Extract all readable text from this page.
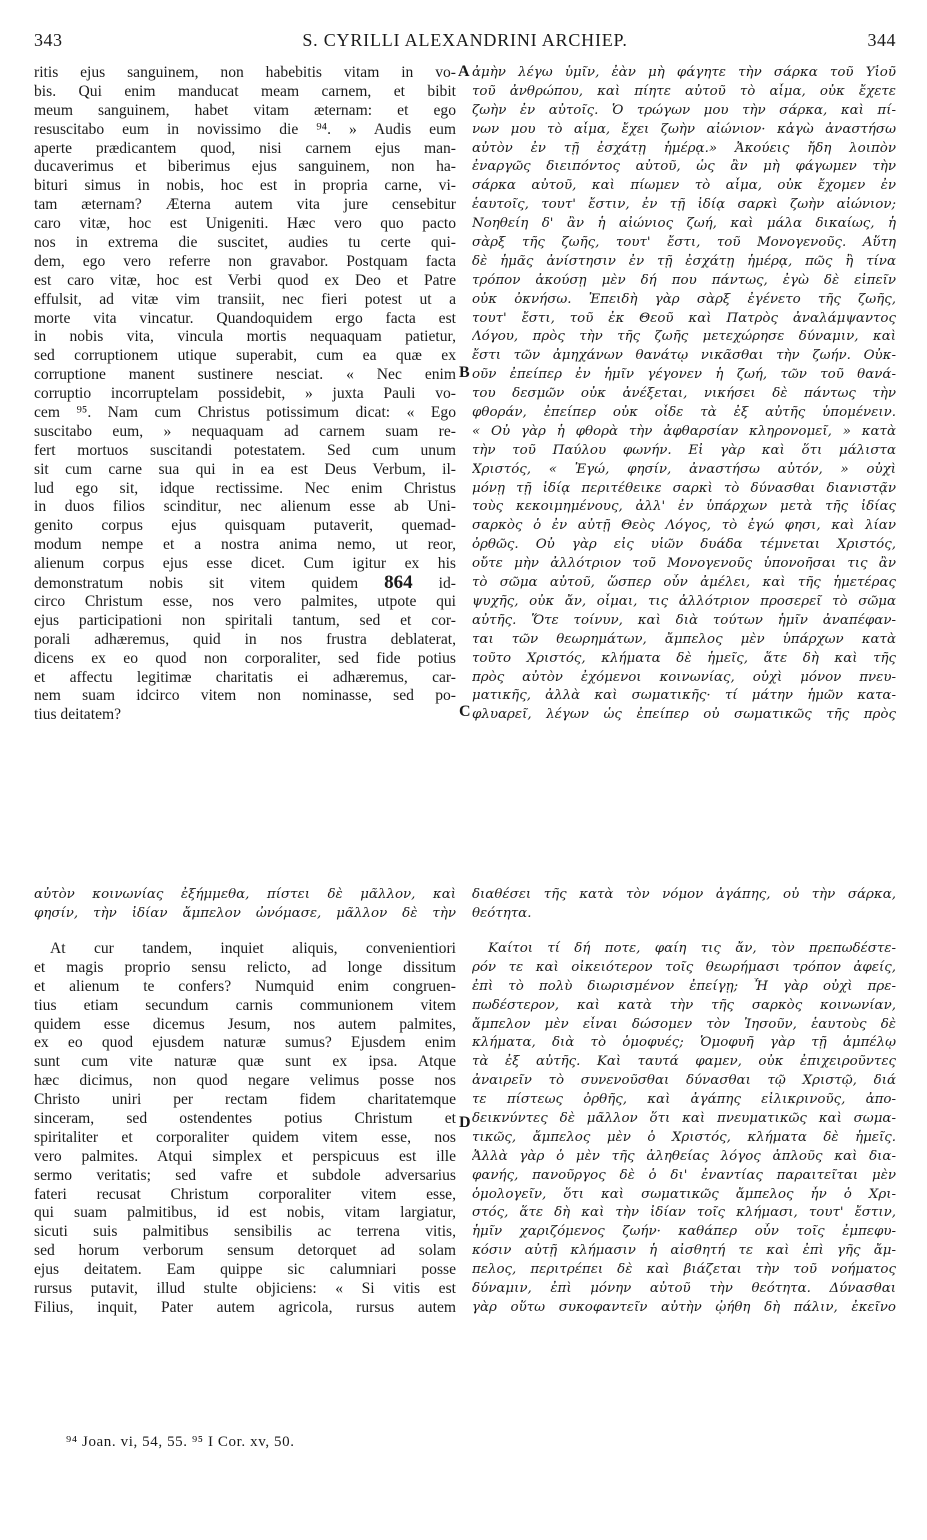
343	S. CYRILLI ALEXANDRINI ARCHIEP.	344
A
B
C
D
ritis ejus sanguinem, non habebitis vitam in vo-
bis. Qui enim manducat meam carnem, et bibit
meum sanguinem, habet vitam æternam: et ego
resuscitabo eum in novissimo die ⁹⁴. » Audis eum
aperte prædicantem quod, nisi carnem ejus man-
ducaverimus et biberimus ejus sanguinem, non ha-
bituri simus in nobis, hoc est in propria carne, vi-
tam æternam? Æterna autem vita jure censebitur
caro vitæ, hoc est Unigeniti. Hæc vero quo pacto
nos in extrema die suscitet, audies tu certe qui-
dem, ego vero referre non gravabor. Postquam facta
est caro vitæ, hoc est Verbi quod ex Deo et Patre
effulsit, ad vitæ vim transiit, nec fieri potest ut a
morte vita vincatur. Quandoquidem ergo facta est
in nobis vita, vincula mortis nequaquam patietur,
sed corruptionem utique superabit, cum ea quæ ex
corruptione manent sustinere nesciat. « Nec enim
corruptio incorruptelam possidebit, » juxta Pauli vo-
cem ⁹⁵. Nam cum Christus potissimum dicat: « Ego
suscitabo eum, » nequaquam ad carnem suam re-
fert mortuos suscitandi potestatem. Sed cum unum
sit cum carne sua qui in ea est Deus Verbum, il-
lud ego sit, idque rectissime. Nec enim Christus
in duos filios scinditur, nec alienum esse ab Uni-
genito corpus ejus quisquam putaverit, quemad-
modum nempe et a nostra anima nemo, ut reor,
alienum corpus ejus esse dicet. Cum igitur ex his
demonstratum nobis sit vitem quidem 864 id-
circo Christum esse, nos vero palmites, utpote qui
ejus participationi non spiritali tantum, sed et cor-
porali adhæremus, quid in nos frustra deblaterat,
dicens ex eo quod non corporaliter, sed fide potius
et affectu legitimæ charitatis ei adhæremus, car-
nem suam idcirco vitem non nominasse, sed po-
tius deitatem?
ἀμὴν λέγω ὑμῖν, ἐὰν μὴ φάγητε τὴν σάρκα τοῦ Υἱοῦ
τοῦ ἀνθρώπου, καὶ πίητε αὐτοῦ τὸ αἷμα, οὐκ ἔχετε
ζωὴν ἐν αὐτοῖς. Ὁ τρώγων μου τὴν σάρκα, καὶ πί-
νων μου τὸ αἷμα, ἔχει ζωὴν αἰώνιον· κἀγὼ ἀναστήσω
αὐτὸν ἐν τῇ ἐσχάτῃ ἡμέρᾳ.» Ἀκούεις ἤδη λοιπὸν
ἐναργῶς διειπόντος αὐτοῦ, ὡς ἂν μὴ φάγωμεν τὴν
σάρκα αὐτοῦ, καὶ πίωμεν τὸ αἷμα, οὐκ ἔχομεν ἐν
ἑαυτοῖς, τουτ' ἔστιν, ἐν τῇ ἰδίᾳ σαρκὶ ζωὴν αἰώνιον;
Νοηθείη δ' ἂν ἡ αἰώνιος ζωή, καὶ μάλα δικαίως, ἡ
σὰρξ τῆς ζωῆς, τουτ' ἔστι, τοῦ Μονογενοῦς. Αὕτη
δὲ ἡμᾶς ἀνίστησιν ἐν τῇ ἐσχάτῃ ἡμέρᾳ, πῶς ἢ τίνα
τρόπον ἀκούσῃ μὲν δή που πάντως, ἐγὼ δὲ εἰπεῖν
οὐκ ὀκνήσω. Ἐπειδὴ γὰρ σὰρξ ἐγένετο τῆς ζωῆς,
τουτ' ἔστι, τοῦ ἐκ Θεοῦ καὶ Πατρὸς ἀναλάμψαντος
Λόγου, πρὸς τὴν τῆς ζωῆς μετεχώρησε δύναμιν, καὶ
ἔστι τῶν ἀμηχάνων θανάτῳ νικᾶσθαι τὴν ζωήν. Οὐκ-
οῦν ἐπείπερ ἐν ἡμῖν γέγονεν ἡ ζωή, τῶν τοῦ θανά-
του δεσμῶν οὐκ ἀνέξεται, νικήσει δὲ πάντως τὴν
φθοράν, ἐπείπερ οὐκ οἶδε τὰ ἐξ αὐτῆς ὑπομένειν.
« Οὐ γὰρ ἡ φθορὰ τὴν ἀφθαρσίαν κληρονομεῖ, » κατὰ
τὴν τοῦ Παύλου φωνήν. Εἰ γὰρ καὶ ὅτι μάλιστα
Χριστός, « Ἐγώ, φησίν, ἀναστήσω αὐτόν, » οὐχὶ
μόνῃ τῇ ἰδίᾳ περιτέθεικε σαρκὶ τὸ δύνασθαι διανιστᾷν
τοὺς κεκοιμημένους, ἀλλ' ἐν ὑπάρχων μετὰ τῆς ἰδίας
σαρκὸς ὁ ἐν αὐτῇ Θεὸς Λόγος, τὸ ἐγώ φησι, καὶ λίαν
ὀρθῶς. Οὐ γὰρ εἰς υἱῶν δυάδα τέμνεται Χριστός,
οὔτε μὴν ἀλλότριον τοῦ Μονογενοῦς ὑπονοῆσαι τις ἂν
τὸ σῶμα αὐτοῦ, ὥσπερ οὖν ἀμέλει, καὶ τῆς ἡμετέρας
ψυχῆς, οὐκ ἄν, οἶμαι, τις ἀλλότριον προσερεῖ τὸ σῶμα
αὐτῆς. Ὅτε τοίνυν, καὶ διὰ τούτων ἡμῖν ἀναπέφαν-
ται τῶν θεωρημάτων, ἄμπελος μὲν ὑπάρχων κατὰ
τοῦτο Χριστός, κλήματα δὲ ἡμεῖς, ἅτε δὴ καὶ τῆς
πρὸς αὐτὸν ἐχόμενοι κοινωνίας, οὐχὶ μόνον πνευ-
ματικῆς, ἀλλὰ καὶ σωματικῆς· τί μάτην ἡμῶν κατα-
φλυαρεῖ, λέγων ὡς ἐπείπερ οὐ σωματικῶς τῆς πρὸς
αὐτὸν κοινωνίας ἐξήμμεθα, πίστει δὲ μᾶλλον, καὶ διαθέσει τῆς κατὰ τὸν νόμον ἀγάπης, οὐ τὴν σάρκα,
φησίν, τὴν ἰδίαν ἄμπελον ὠνόμασε, μᾶλλον δὲ τὴν θεότητα.
At cur tandem, inquiet aliquis, convenientiori
et magis proprio sensu relicto, ad longe dissitum
et alienum te confers? Numquid enim congruen-
tius etiam secundum carnis communionem vitem
quidem esse dicemus Jesum, nos autem palmites,
ex eo quod ejusdem naturæ sumus? Ejusdem enim
sunt cum vite naturæ quæ sunt ex ipsa. Atque
hæc dicimus, non quod negare velimus posse nos
Christo uniri per rectam fidem charitatemque
sinceram, sed ostendentes potius Christum et
spiritaliter et corporaliter quidem vitem esse, nos
vero palmites. Atqui simplex et perspicuus est ille
sermo veritatis; sed vafre et subdole adversarius
fateri recusat Christum corporaliter vitem esse,
qui suam palmitibus, id est nobis, vitam largiatur,
sicuti suis palmitibus sensibilis ac terrena vitis,
sed horum verborum sensum detorquet ad solam
ejus deitatem. Eam quippe sic calumniari posse
rursus putavit, illud stulte objiciens: « Si vitis est
Filius, inquit, Pater autem agricola, rursus autem
Καίτοι τί δή ποτε, φαίη τις ἄν, τὸν πρεπωδέστε-
ρόν τε καὶ οἰκειότερον τοῖς θεωρήμασι τρόπον ἀφείς,
ἐπὶ τὸ πολὺ διωρισμένον ἐπείγῃ; Ἦ γὰρ οὐχὶ πρε-
πωδέστερον, καὶ κατὰ τὴν τῆς σαρκὸς κοινωνίαν,
ἄμπελον μὲν εἶναι δώσομεν τὸν Ἰησοῦν, ἑαυτοὺς δὲ
κλήματα, διὰ τὸ ὁμοφυές; Ὁμοφυῆ γὰρ τῇ ἀμπέλῳ
τὰ ἐξ αὐτῆς. Καὶ ταυτά φαμεν, οὐκ ἐπιχειροῦντες
ἀναιρεῖν τὸ συνενοῦσθαι δύνασθαι τῷ Χριστῷ, διά
τε πίστεως ὀρθῆς, καὶ ἀγάπης εἰλικρινοῦς, ἀπο-
δεικνύντες δὲ μᾶλλον ὅτι καὶ πνευματικῶς καὶ σωμα-
τικῶς, ἄμπελος μὲν ὁ Χριστός, κλήματα δὲ ἡμεῖς.
Ἀλλὰ γὰρ ὁ μὲν τῆς ἀληθείας λόγος ἁπλοῦς καὶ δια-
φανής, πανοῦργος δὲ ὁ δι' ἐναντίας παραιτεῖται μὲν
ὁμολογεῖν, ὅτι καὶ σωματικῶς ἄμπελος ἦν ὁ Χρι-
στός, ἅτε δὴ καὶ τὴν ἰδίαν τοῖς κλήμασι, τουτ' ἔστιν,
ἡμῖν χαριζόμενος ζωήν· καθάπερ οὖν τοῖς ἐμπεφυ-
κόσιν αὐτῇ κλήμασιν ἡ αἰσθητή τε καὶ ἐπὶ γῆς ἄμ-
πελος, περιτρέπει δὲ καὶ βιάζεται τὴν τοῦ νοήματος
δύναμιν, ἐπὶ μόνην αὐτοῦ τὴν θεότητα. Δύνασθαι
γὰρ οὕτω συκοφαντεῖν αὐτὴν ᾠήθη δὴ πάλιν, ἐκεῖνο
⁹⁴ Joan. vi, 54, 55. ⁹⁵ I Cor. xv, 50.
